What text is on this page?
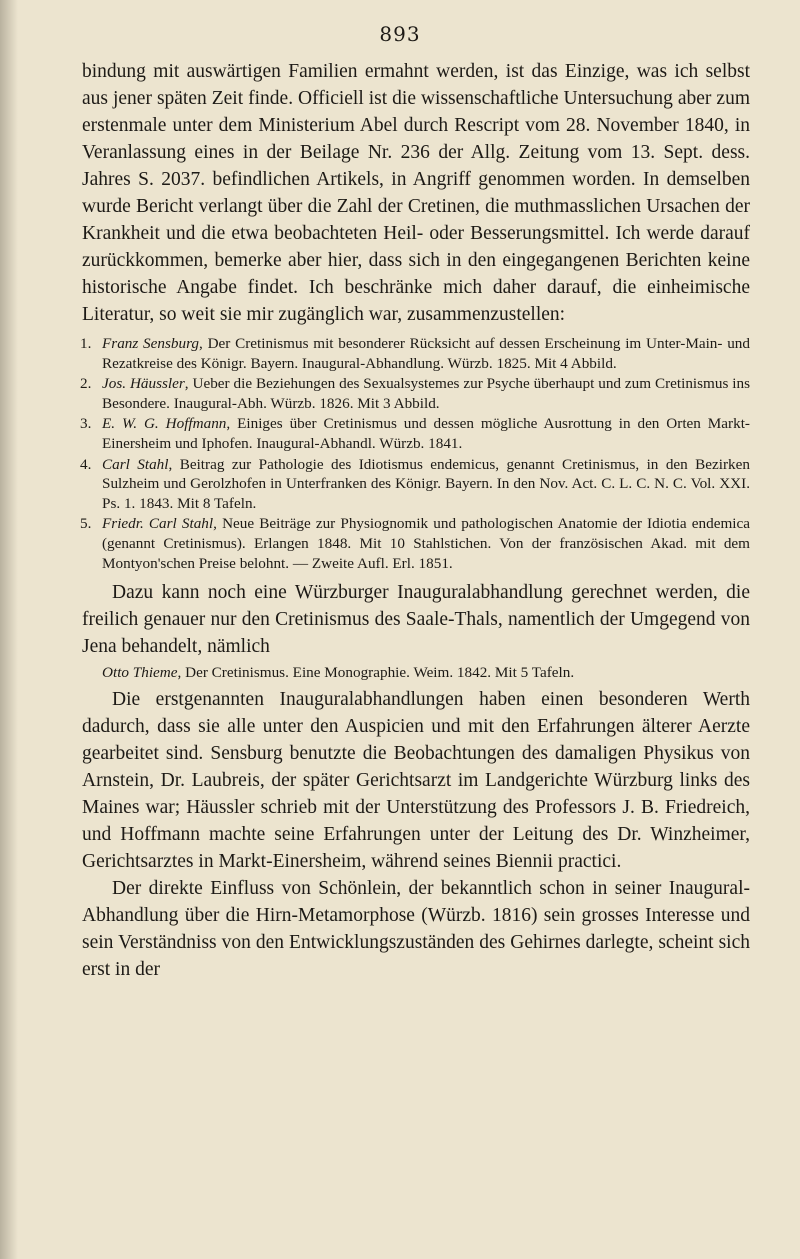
893

bindung mit auswärtigen Familien ermahnt werden, ist das Einzige, was ich selbst aus jener späten Zeit finde. Officiell ist die wissenschaftliche Untersuchung aber zum erstenmale unter dem Ministerium Abel durch Rescript vom 28. November 1840, in Veranlassung eines in der Beilage Nr. 236 der Allg. Zeitung vom 13. Sept. dess. Jahres S. 2037. befindlichen Artikels, in Angriff genommen worden. In demselben wurde Bericht verlangt über die Zahl der Cretinen, die muthmasslichen Ursachen der Krankheit und die etwa beobachteten Heil- oder Besserungsmittel. Ich werde darauf zurückkommen, bemerke aber hier, dass sich in den eingegangenen Berichten keine historische Angabe findet. Ich beschränke mich daher darauf, die einheimische Literatur, so weit sie mir zugänglich war, zusammenzustellen:

1. Franz Sensburg, Der Cretinismus mit besonderer Rücksicht auf dessen Erscheinung im Unter-Main- und Rezatkreise des Königr. Bayern. Inaugural-Abhandlung. Würzb. 1825. Mit 4 Abbild.
2. Jos. Häussler, Ueber die Beziehungen des Sexualsystemes zur Psyche überhaupt und zum Cretinismus ins Besondere. Inaugural-Abh. Würzb. 1826. Mit 3 Abbild.
3. E. W. G. Hoffmann, Einiges über Cretinismus und dessen mögliche Ausrottung in den Orten Markt-Einersheim und Iphofen. Inaugural-Abhandl. Würzb. 1841.
4. Carl Stahl, Beitrag zur Pathologie des Idiotismus endemicus, genannt Cretinismus, in den Bezirken Sulzheim und Gerolzhofen in Unterfranken des Königr. Bayern. In den Nov. Act. C. L. C. N. C. Vol. XXI. Ps. 1. 1843. Mit 8 Tafeln.
5. Friedr. Carl Stahl, Neue Beiträge zur Physiognomik und pathologischen Anatomie der Idiotia endemica (genannt Cretinismus). Erlangen 1848. Mit 10 Stahlstichen. Von der französischen Akad. mit dem Montyon'schen Preise belohnt. — Zweite Aufl. Erl. 1851.

Dazu kann noch eine Würzburger Inauguralabhandlung gerechnet werden, die freilich genauer nur den Cretinismus des Saale-Thals, namentlich der Umgegend von Jena behandelt, nämlich

Otto Thieme, Der Cretinismus. Eine Monographie. Weim. 1842. Mit 5 Tafeln.

Die erstgenannten Inauguralabhandlungen haben einen besonderen Werth dadurch, dass sie alle unter den Auspicien und mit den Erfahrungen älterer Aerzte gearbeitet sind. Sensburg benutzte die Beobachtungen des damaligen Physikus von Arnstein, Dr. Laubreis, der später Gerichtsarzt im Landgerichte Würzburg links des Maines war; Häussler schrieb mit der Unterstützung des Professors J. B. Friedreich, und Hoffmann machte seine Erfahrungen unter der Leitung des Dr. Winzheimer, Gerichtsarztes in Markt-Einersheim, während seines Biennii practici.

Der direkte Einfluss von Schönlein, der bekanntlich schon in seiner Inaugural-Abhandlung über die Hirn-Metamorphose (Würzb. 1816) sein grosses Interesse und sein Verständniss von den Entwicklungszuständen des Gehirnes darlegte, scheint sich erst in der
